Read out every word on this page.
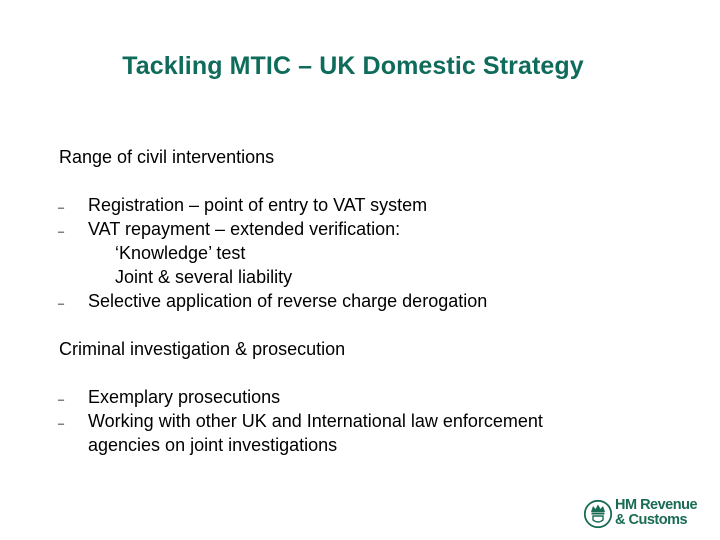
Tackling MTIC – UK Domestic Strategy
Range of civil interventions
– Registration – point of entry to VAT system
– VAT repayment – extended verification:
‘Knowledge’ test
Joint & several liability
– Selective application of reverse charge derogation
Criminal investigation & prosecution
– Exemplary prosecutions
– Working with other UK and International law enforcement
agencies on joint investigations
HM Revenue
& Customs
